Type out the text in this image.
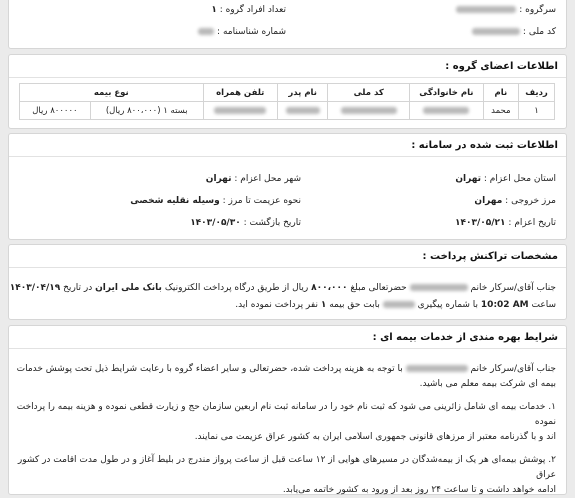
سرگروه :
تعداد افراد گروه : ۱
کد ملی :
شماره شناسنامه :
اطلاعات اعضای گروه :
ردیف	نام	نام خانوادگی	کد ملی	نام پدر	تلفن همراه	نوع بیمه	
۱	محمد					بسته ۱ (۸۰۰،۰۰۰ ریال)	۸۰۰۰۰۰ ریال
اطلاعات ثبت شده در سامانه :
استان محل اعزام : تهران
شهر محل اعزام : تهران
مرز خروجی : مهران
نحوه عزیمت تا مرز : وسیله نقلیه شخصی
تاریخ اعزام : ۱۴۰۳/۰۵/۲۱
تاریخ بازگشت : ۱۴۰۳/۰۵/۳۰
مشخصات تراکنش پرداخت :
جناب آقای/سرکار خانم  حضرتعالی مبلغ ۸۰۰،۰۰۰ ریال از طریق درگاه پرداخت الکترونیک بانک ملی ایران در تاریخ ۱۴۰۳/۰۴/۱۹
ساعت 10:02 AM با شماره پیگیری  بابت حق بیمه ۱ نفر پرداخت نموده اید.
شرایط بهره مندی از خدمات بیمه ای :

جناب آقای/سرکار خانم  با توجه به هزینه پرداخت شده، حضرتعالی و سایر اعضاء گروه با رعایت شرایط ذیل تحت پوشش خدمات
بیمه ای شرکت بیمه معلم می باشید.

۱. خدمات بیمه ای شامل زائرینی می شود که ثبت نام خود را در سامانه ثبت نام اربعین سازمان حج و زیارت قطعی نموده و هزینه بیمه را پرداخت نموده
اند و با گذرنامه معتبر از مرزهای قانونی جمهوری اسلامی ایران به کشور عراق عزیمت می نمایند.

۲. پوشش بیمه‌ای هر یک از بیمه‌شدگان در مسیرهای هوایی از ۱۲ ساعت قبل از ساعت پرواز مندرج در بلیط آغاز و در طول مدت اقامت در کشور عراق
ادامه خواهد داشت و تا ساعت ۲۴ روز بعد از ورود به کشور خاتمه می‌یابد.
